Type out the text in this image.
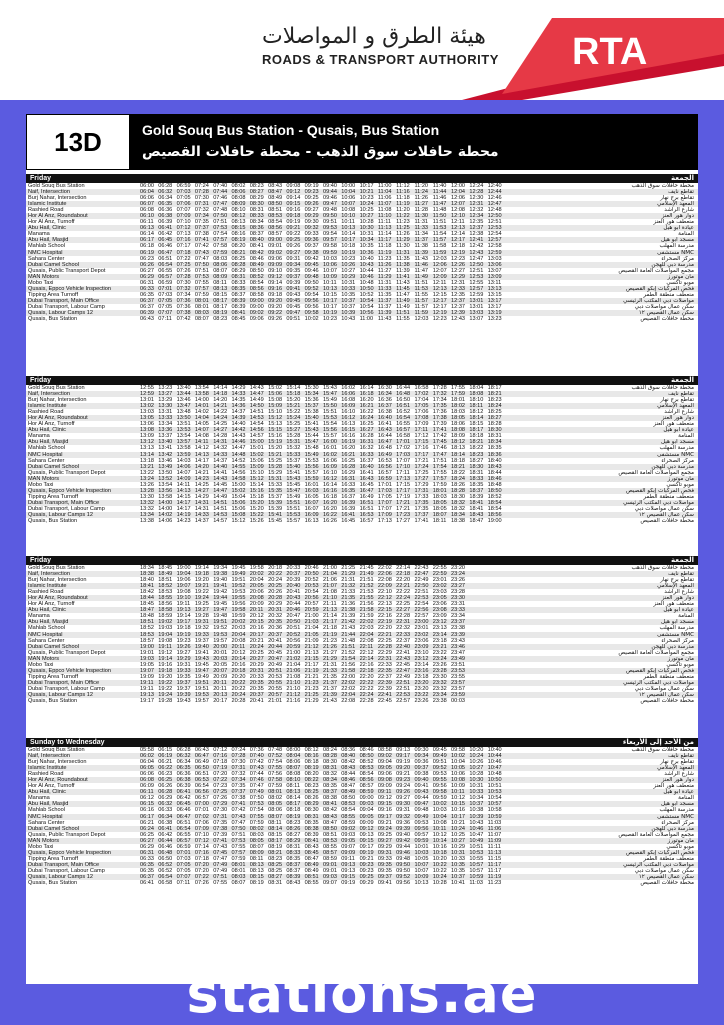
هيئة الطرق و المواصلات
ROADS & TRANSPORT AUTHORITY RTA
13D	Gold Souq Bus Station - Qusais, Bus Station
محطة حافلات سوق الذهب - محطة حافلات القصيص
Friday	الجمعة
Gold Souq Bus Station	06:00 06:28 06:59 07:24 07:40 08:02 08:23 08:43 09:08 09:19 09:40 10:00 10:17 11:00 11:12 11:20 11:40 12:00 12:24 12:40	محطة حافلات سوق الذهب
Naif, Intersection	06:04 06:32 07:03 07:28 07:44 08:06 08:27 08:47 09:12 09:23 09:44 10:04 10:21 11:04 11:16 11:24 11:44 12:04 12:28 12:44	تقاطع نايف
Burj Nahar, Intersection	06:06 06:34 07:05 07:30 07:46 08:08 08:29 08:49 09:14 09:25 09:46 10:06 10:23 11:06 11:18 11:26 11:46 12:06 12:30 12:46	تقاطع برج نهار
Islamic Institute	06:07 06:35 07:06 07:31 07:47 08:09 08:30 08:50 09:15 09:26 09:47 10:07 10:24 11:07 11:19 11:27 11:47 12:07 12:31 12:47	المعهد الإسلامي
Rashied Road	06:08 06:36 07:07 07:32 07:48 08:10 08:31 08:51 09:16 09:27 09:48 10:08 10:25 11:08 11:20 11:28 11:48 12:08 12:32 12:48	شارع الراشد
Hor Al Anz, Roundabout	06:10 06:38 07:09 07:34 07:50 08:12 08:33 08:53 09:18 09:29 09:50 10:10 10:27 11:10 11:22 11:30 11:50 12:10 12:34 12:50	دوار هور العنز
Hor Al Anz, Turnoff	06:11 06:39 07:10 07:35 07:51 08:13 08:34 08:54 09:19 09:30 09:51 10:11 10:28 11:11 11:23 11:31 11:51 12:11 12:35 12:51	منعطف هور العنز
Abu Hail, Clinic	06:13 06:41 07:12 07:37 07:53 08:15 08:36 08:56 09:21 09:32 09:53 10:13 10:30 11:13 11:25 11:33 11:53 12:13 12:37 12:53	عيادة أبو هيل
Manama	06:14 06:42 07:13 07:38 07:54 08:16 08:37 08:57 09:22 09:33 09:54 10:14 10:31 11:14 11:26 11:34 11:54 12:14 12:38 12:54	المنامة
Abu Hail, Masjid	06:17 06:45 07:16 07:41 07:57 08:19 08:40 09:00 09:25 09:36 09:57 10:17 10:34 11:17 11:29 11:37 11:57 12:17 12:41 12:57	مسجد أبو هيل
Mahlab School	06:18 06:46 07:17 07:42 07:58 08:20 08:41 09:01 09:26 09:37 09:58 10:18 10:35 11:18 11:30 11:38 11:58 12:18 12:42 12:58	مدرسة المهلب
NMC Hospital	06:19 06:47 07:18 07:43 07:59 08:21 08:42 09:02 09:27 09:38 09:59 10:19 10:36 11:19 11:31 11:39 11:59 12:19 12:43 12:59	مستشفى NMC
Sahara Center	06:23 06:51 07:22 07:47 08:03 08:25 08:46 09:06 09:31 09:42 10:03 10:23 10:40 11:23 11:35 11:43 12:03 12:23 12:47 13:03	مركز الصحراء
Dubai Camel School	06:26 06:54 07:25 07:50 08:06 08:28 08:49 09:09 09:34 09:45 10:06 10:26 10:43 11:26 11:38 11:46 12:06 12:26 12:50 13:06	مدرسة دبي للهجن
Qusais, Public Transport Depot	06:27 06:55 07:26 07:51 08:07 08:29 08:50 09:10 09:35 09:46 10:07 10:27 10:44 11:27 11:39 11:47 12:07 12:27 12:51 13:07	مجمع المواصلات العامة القصيص
MAN Motors	06:29 06:57 07:28 07:53 08:09 08:31 08:52 09:12 09:37 09:48 10:09 10:29 10:46 11:29 11:41 11:49 12:09 12:29 12:53 13:09	مان موتورز
Mobo Taxi	06:31 06:59 07:30 07:55 08:11 08:33 08:54 09:14 09:39 09:50 10:11 10:31 10:48 11:31 11:43 11:51 12:11 12:31 12:55 13:11	موبو تاكسي
Qusais, Eppco Vehicle Inspection	06:33 07:01 07:32 07:57 08:13 08:35 08:56 09:16 09:41 09:52 10:13 10:33 10:50 11:33 11:45 11:53 12:13 12:33 12:57 13:13	فحص المركبات إبكو القصيص
Tipping Area Turnoff	06:35 07:03 07:34 07:59 08:15 08:37 08:58 09:18 09:43 09:54 10:15 10:35 10:52 11:35 11:47 11:55 12:15 12:35 12:59 13:15	منعطف منطقة الطمر
Dubai Transport, Main Office	06:37 07:05 07:36 08:01 08:17 08:39 09:00 09:20 09:45 09:56 10:17 10:37 10:54 11:37 11:49 11:57 12:17 12:37 13:01 13:17	مواصلات دبي المكتب الرئيسي
Dubai Transport, Labour Camp	06:37 07:05 07:36 08:01 08:17 08:39 09:00 09:20 09:45 09:56 10:17 10:37 10:54 11:37 11:49 11:57 12:17 12:37 13:01 13:17	سكن عمال مواصلات دبي
Qusais, Labour Camps 12	06:39 07:07 07:38 08:03 08:19 08:41 09:02 09:22 09:47 09:58 10:19 10:39 10:56 11:39 11:51 11:59 12:19 12:39 13:03 13:19	سكن عمال القصيص ١٢
Qusais, Bus Station	06:43 07:11 07:42 08:07 08:23 08:45 09:06 09:26 09:51 10:02 10:23 10:43 11:00 11:43 11:55 12:03 12:23 12:43 13:07 13:23	محطة حافلات القصيص
Friday	الجمعة
Gold Souq Bus Station	12:55 13:23 13:40 13:54 14:14 14:29 14:43 15:02 15:14 15:30 15:43 16:02 16:14 16:30 16:44 16:58 17:28 17:55 18:04 18:17	محطة حافلات سوق الذهب
Naif, Intersection	12:59 13:27 13:44 13:58 14:18 14:33 14:47 15:06 15:18 15:34 15:47 16:06 16:18 16:34 16:48 17:02 17:32 17:59 18:08 18:21	تقاطع نايف
Burj Nahar, Intersection	13:01 13:29 13:46 14:00 14:20 14:35 14:49 15:08 15:20 15:36 15:49 16:08 16:20 16:36 16:50 17:04 17:34 18:01 18:10 18:23	تقاطع برج نهار
Islamic Institute	13:02 13:30 13:47 14:01 14:21 14:36 14:50 15:09 15:21 15:37 15:50 16:09 16:21 16:37 16:51 17:05 17:35 18:02 18:11 18:24	المعهد الإسلامي
Rashied Road	13:03 13:31 13:48 14:02 14:22 14:37 14:51 15:10 15:22 15:38 15:51 16:10 16:22 16:38 16:52 17:06 17:36 18:03 18:12 18:25	شارع الراشد
Hor Al Anz, Roundabout	13:05 13:33 13:50 14:04 14:24 14:39 14:53 15:12 15:24 15:40 15:53 16:12 16:24 16:40 16:54 17:08 17:38 18:05 18:14 18:27	دوار هور العنز
Hor Al Anz, Turnoff	13:06 13:34 13:51 14:05 14:25 14:40 14:54 15:13 15:25 15:41 15:54 16:13 16:25 16:41 16:55 17:09 17:39 18:06 18:15 18:28	منعطف هور العنز
Abu Hail, Clinic	13:08 13:36 13:53 14:07 14:27 14:42 14:56 15:15 15:27 15:43 15:56 16:15 16:27 16:43 16:57 17:11 17:41 18:08 18:17 18:30	عيادة أبو هيل
Manama	13:09 13:37 13:54 14:08 14:28 14:43 14:57 15:16 15:28 15:44 15:57 16:16 16:28 16:44 16:58 17:12 17:42 18:09 18:18 18:31	المنامة
Abu Hail, Masjid	13:12 13:40 13:57 14:11 14:31 14:46 15:00 15:19 15:31 15:47 16:00 16:19 16:31 16:47 17:01 17:15 17:45 18:12 18:21 18:34	مسجد أبو هيل
Mahlab School	13:13 13:41 13:58 14:12 14:32 14:47 15:01 15:20 15:32 15:48 16:01 16:20 16:32 16:48 17:02 17:16 17:46 18:13 18:22 18:35	مدرسة المهلب
NMC Hospital	13:14 13:42 13:59 14:13 14:33 14:48 15:02 15:21 15:33 15:49 16:02 16:21 16:33 16:49 17:03 17:17 17:47 18:14 18:23 18:36	مستشفى NMC
Sahara Center	13:18 13:46 14:03 14:17 14:37 14:52 15:06 15:25 15:37 15:53 16:06 16:25 16:37 16:53 17:07 17:21 17:51 18:18 18:27 18:40	مركز الصحراء
Dubai Camel School	13:21 13:49 14:06 14:20 14:40 14:55 15:09 15:28 15:40 15:56 16:09 16:28 16:40 16:56 17:10 17:24 17:54 18:21 18:30 18:43	مدرسة دبي للهجن
Qusais, Public Transport Depot	13:22 13:50 14:07 14:21 14:41 14:56 15:10 15:29 15:41 15:57 16:10 16:29 16:41 16:57 17:11 17:25 17:55 18:22 18:31 18:44	مجمع المواصلات العامة القصيص
MAN Motors	13:24 13:52 14:09 14:23 14:43 14:58 15:12 15:31 15:43 15:59 16:12 16:31 16:43 16:59 17:13 17:27 17:57 18:24 18:33 18:46	مان موتورز
Mobo Taxi	13:26 13:54 14:11 14:25 14:45 15:00 15:14 15:33 15:45 16:01 16:14 16:33 16:45 17:01 17:15 17:29 17:59 18:26 18:35 18:48	موبو تاكسي
Qusais, Eppco Vehicle Inspection	13:28 13:56 14:13 14:27 14:47 15:02 15:16 15:35 15:47 16:03 16:16 16:35 16:47 17:03 17:17 17:31 18:01 18:28 18:37 18:50	فحص المركبات إبكو القصيص
Tipping Area Turnoff	13:30 13:58 14:15 14:29 14:49 15:04 15:18 15:37 15:49 16:05 16:18 16:37 16:49 17:05 17:19 17:33 18:03 18:30 18:39 18:52	منعطف منطقة الطمر
Dubai Transport, Main Office	13:32 14:00 14:17 14:31 14:51 15:06 15:20 15:39 15:51 16:07 16:20 16:39 16:51 17:07 17:21 17:35 18:05 18:32 18:41 18:54	مواصلات دبي المكتب الرئيسي
Dubai Transport, Labour Camp	13:32 14:00 14:17 14:31 14:51 15:06 15:20 15:39 15:51 16:07 16:20 16:39 16:51 17:07 17:21 17:35 18:05 18:32 18:41 18:54	سكن عمال مواصلات دبي
Qusais, Labour Camps 12	13:34 14:02 14:19 14:33 14:53 15:08 15:22 15:41 15:53 16:09 16:22 16:41 16:53 17:09 17:23 17:37 18:07 18:34 18:43 18:56	سكن عمال القصيص ١٢
Qusais, Bus Station	13:38 14:06 14:23 14:37 14:57 15:12 15:26 15:45 15:57 16:13 16:26 16:45 16:57 17:13 17:27 17:41 18:11 18:38 18:47 19:00	محطة حافلات القصيص
Friday	الجمعة
Gold Souq Bus Station	18:34 18:45 19:00 19:14 19:34 19:45 19:58 20:18 20:33 20:46 21:00 21:25 21:45 22:02 22:14 22:43 22:55 23:20	محطة حافلات سوق الذهب
Naif, Intersection	18:38 18:49 19:04 19:18 19:38 19:49 20:02 20:22 20:37 20:50 21:04 21:29 21:49 22:06 22:18 22:47 22:59 23:24	تقاطع نايف
Burj Nahar, Intersection	18:40 18:51 19:06 19:20 19:40 19:51 20:04 20:24 20:39 20:52 21:06 21:31 21:51 22:08 22:20 22:49 23:01 23:26	تقاطع برج نهار
Islamic Institute	18:41 18:52 19:07 19:21 19:41 19:52 20:05 20:25 20:40 20:53 21:07 21:32 21:52 22:09 22:21 22:50 23:02 23:27	المعهد الإسلامي
Rashied Road	18:42 18:53 19:08 19:22 19:42 19:53 20:06 20:26 20:41 20:54 21:08 21:33 21:53 22:10 22:22 22:51 23:03 23:28	شارع الراشد
Hor Al Anz, Roundabout	18:44 18:55 19:10 19:24 19:44 19:55 20:08 20:28 20:43 20:56 21:10 21:35 21:55 22:12 22:24 22:53 23:05 23:30	دوار هور العنز
Hor Al Anz, Turnoff	18:45 18:56 19:11 19:25 19:45 19:56 20:09 20:29 20:44 20:57 21:11 21:36 21:56 22:13 22:25 22:54 23:06 23:31	منعطف هور العنز
Abu Hail, Clinic	18:47 18:58 19:13 19:27 19:47 19:58 20:11 20:31 20:46 20:59 21:13 21:38 21:58 22:15 22:27 22:56 23:08 23:33	عيادة أبو هيل
Manama	18:48 18:59 19:14 19:28 19:48 19:59 20:12 20:32 20:47 21:00 21:14 21:39 21:59 22:16 22:28 22:57 23:09 23:34	المنامة
Abu Hail, Masjid	18:51 19:02 19:17 19:31 19:51 20:02 20:15 20:35 20:50 21:03 21:17 21:42 22:02 22:19 22:31 23:00 23:12 23:37	مسجد أبو هيل
Mahlab School	18:52 19:03 19:18 19:32 19:52 20:03 20:16 20:36 20:51 21:04 21:18 21:43 22:03 22:20 22:32 23:01 23:13 23:38	مدرسة المهلب
NMC Hospital	18:53 19:04 19:19 19:33 19:53 20:04 20:17 20:37 20:52 21:05 21:19 21:44 22:04 22:21 22:33 23:02 23:14 23:39	مستشفى NMC
Sahara Center	18:57 19:08 19:23 19:37 19:57 20:08 20:21 20:41 20:56 21:09 21:23 21:48 22:08 22:25 22:37 23:06 23:18 23:43	مركز الصحراء
Dubai Camel School	19:00 19:11 19:26 19:40 20:00 20:11 20:24 20:44 20:59 21:12 21:26 21:51 22:11 22:28 22:40 23:09 23:21 23:46	مدرسة دبي للهجن
Qusais, Public Transport Depot	19:01 19:12 19:27 19:41 20:01 20:12 20:25 20:45 21:00 21:13 21:27 21:52 22:12 22:29 22:41 23:10 23:22 23:47	مجمع المواصلات العامة القصيص
MAN Motors	19:03 19:14 19:29 19:43 20:03 20:14 20:27 20:47 21:02 21:15 21:29 21:54 22:14 22:31 22:43 23:12 23:24 23:49	مان موتورز
Mobo Taxi	19:05 19:16 19:31 19:45 20:05 20:16 20:29 20:49 21:04 21:17 21:31 21:56 22:16 22:33 22:45 23:14 23:26 23:51	موبو تاكسي
Qusais, Eppco Vehicle Inspection	19:07 19:18 19:33 19:47 20:07 20:18 20:31 20:51 21:06 21:19 21:33 21:58 22:18 22:35 22:47 23:16 23:28 23:53	فحص المركبات إبكو القصيص
Tipping Area Turnoff	19:09 19:20 19:35 19:49 20:09 20:20 20:33 20:53 21:08 21:21 21:35 22:00 22:20 22:37 22:49 23:18 23:30 23:55	منعطف منطقة الطمر
Dubai Transport, Main Office	19:11 19:22 19:37 19:51 20:11 20:22 20:35 20:55 21:10 21:23 21:37 22:02 22:22 22:39 22:51 23:20 23:32 23:57	مواصلات دبي المكتب الرئيسي
Dubai Transport, Labour Camp	19:11 19:22 19:37 19:51 20:11 20:22 20:35 20:55 21:10 21:23 21:37 22:02 22:22 22:39 22:51 23:20 23:32 23:57	سكن عمال مواصلات دبي
Qusais, Labour Camps 12	19:13 19:24 19:39 19:53 20:13 20:24 20:37 20:57 21:12 21:25 21:39 22:04 22:24 22:41 22:53 23:22 23:34 23:59	سكن عمال القصيص ١٢
Qusais, Bus Station	19:17 19:28 19:43 19:57 20:17 20:28 20:41 21:01 21:16 21:29 21:43 22:08 22:28 22:45 22:57 23:26 23:38 00:03	محطة حافلات القصيص
Sunday to Wednesday	من الأحد إلى الأربعاء
Gold Souq Bus Station	05:58 06:15 06:28 06:43 07:12 07:24 07:36 07:48 08:00 08:12 08:24 08:36 08:46 08:58 09:13 09:30 09:45 09:58 10:20 10:40	محطة حافلات سوق الذهب
Naif, Intersection	06:02 06:19 06:32 06:47 07:16 07:28 07:40 07:52 08:04 08:16 08:28 08:40 08:50 09:02 09:17 09:34 09:49 10:02 10:24 10:44	تقاطع نايف
Burj Nahar, Intersection	06:04 06:21 06:34 06:49 07:18 07:30 07:42 07:54 08:06 08:18 08:30 08:42 08:52 09:04 09:19 09:36 09:51 10:04 10:26 10:46	تقاطع برج نهار
Islamic Institute	06:05 06:22 06:35 06:50 07:19 07:31 07:43 07:55 08:07 08:19 08:31 08:43 08:53 09:05 09:20 09:37 09:52 10:05 10:27 10:47	المعهد الإسلامي
Rashied Road	06:06 06:23 06:36 06:51 07:20 07:32 07:44 07:56 08:08 08:20 08:32 08:44 08:54 09:06 09:21 09:38 09:53 10:06 10:28 10:48	شارع الراشد
Hor Al Anz, Roundabout	06:08 06:25 06:38 06:53 07:22 07:34 07:46 07:58 08:10 08:22 08:34 08:46 08:56 09:08 09:23 09:40 09:55 10:08 10:30 10:50	دوار هور العنز
Hor Al Anz, Turnoff	06:09 06:26 06:39 06:54 07:23 07:35 07:47 07:59 08:11 08:23 08:35 08:47 08:57 09:09 09:24 09:41 09:56 10:09 10:31 10:51	منعطف هور العنز
Abu Hail, Clinic	06:11 06:28 06:41 06:56 07:25 07:37 07:49 08:01 08:13 08:25 08:37 08:49 08:59 09:11 09:26 09:43 09:58 10:11 10:33 10:53	عيادة أبو هيل
Manama	06:12 06:29 06:42 06:57 07:26 07:38 07:50 08:02 08:14 08:26 08:38 08:50 09:00 09:12 09:27 09:44 09:59 10:12 10:34 10:54	المنامة
Abu Hail, Masjid	06:15 06:32 06:45 07:00 07:29 07:41 07:53 08:05 08:17 08:29 08:41 08:53 09:03 09:15 09:30 09:47 10:02 10:15 10:37 10:57	مسجد أبو هيل
Mahlab School	06:16 06:33 06:46 07:01 07:30 07:42 07:54 08:06 08:18 08:30 08:42 08:54 09:04 09:16 09:31 09:48 10:03 10:16 10:38 10:58	مدرسة المهلب
NMC Hospital	06:17 06:34 06:47 07:02 07:31 07:43 07:55 08:07 08:19 08:31 08:43 08:55 09:05 09:17 09:32 09:49 10:04 10:17 10:39 10:59	مستشفى NMC
Sahara Center	06:21 06:38 06:51 07:06 07:35 07:47 07:59 08:11 08:23 08:35 08:47 08:59 09:09 09:21 09:36 09:53 10:08 10:21 10:43 11:03	مركز الصحراء
Dubai Camel School	06:24 06:41 06:54 07:09 07:38 07:50 08:02 08:14 08:26 08:38 08:50 09:02 09:12 09:24 09:39 09:56 10:11 10:24 10:46 11:06	مدرسة دبي للهجن
Qusais, Public Transport Depot	06:25 06:42 06:55 07:10 07:39 07:51 08:03 08:15 08:27 08:39 08:51 09:03 09:13 09:25 09:40 09:57 10:12 10:25 10:47 11:07	مجمع المواصلات العامة القصيص
MAN Motors	06:27 06:44 06:57 07:12 07:41 07:53 08:05 08:17 08:29 08:41 08:53 09:05 09:15 09:27 09:42 09:59 10:14 10:27 10:49 11:09	مان موتورز
Mobo Taxi	06:29 06:46 06:59 07:14 07:43 07:55 08:07 08:19 08:31 08:43 08:55 09:07 09:17 09:29 09:44 10:01 10:16 10:29 10:51 11:11	موبو تاكسي
Qusais, Eppco Vehicle Inspection	06:31 06:48 07:01 07:16 07:45 07:57 08:09 08:21 08:33 08:45 08:57 09:09 09:19 09:31 09:46 10:03 10:18 10:31 10:53 11:13	فحص المركبات إبكو القصيص
Tipping Area Turnoff	06:33 06:50 07:03 07:18 07:47 07:59 08:11 08:23 08:35 08:47 08:59 09:11 09:21 09:33 09:48 10:05 10:20 10:33 10:55 11:15	منعطف منطقة الطمر
Dubai Transport, Main Office	06:35 06:52 07:05 07:20 07:49 08:01 08:13 08:25 08:37 08:49 09:01 09:13 09:23 09:35 09:50 10:07 10:22 10:35 10:57 11:17	مواصلات دبي المكتب الرئيسي
Dubai Transport, Labour Camp	06:35 06:52 07:05 07:20 07:49 08:01 08:13 08:25 08:37 08:49 09:01 09:13 09:23 09:35 09:50 10:07 10:22 10:35 10:57 11:17	سكن عمال مواصلات دبي
Qusais, Labour Camps 12	06:37 06:54 07:07 07:22 07:51 08:03 08:15 08:27 08:39 08:51 09:03 09:15 09:25 09:37 09:52 10:09 10:24 10:37 10:59 11:19	سكن عمال القصيص ١٢
Qusais, Bus Station	06:41 06:58 07:11 07:26 07:55 08:07 08:19 08:31 08:43 08:55 09:07 09:19 09:29 09:41 09:56 10:13 10:28 10:41 11:03 11:23	محطة حافلات القصيص
stations.ae
